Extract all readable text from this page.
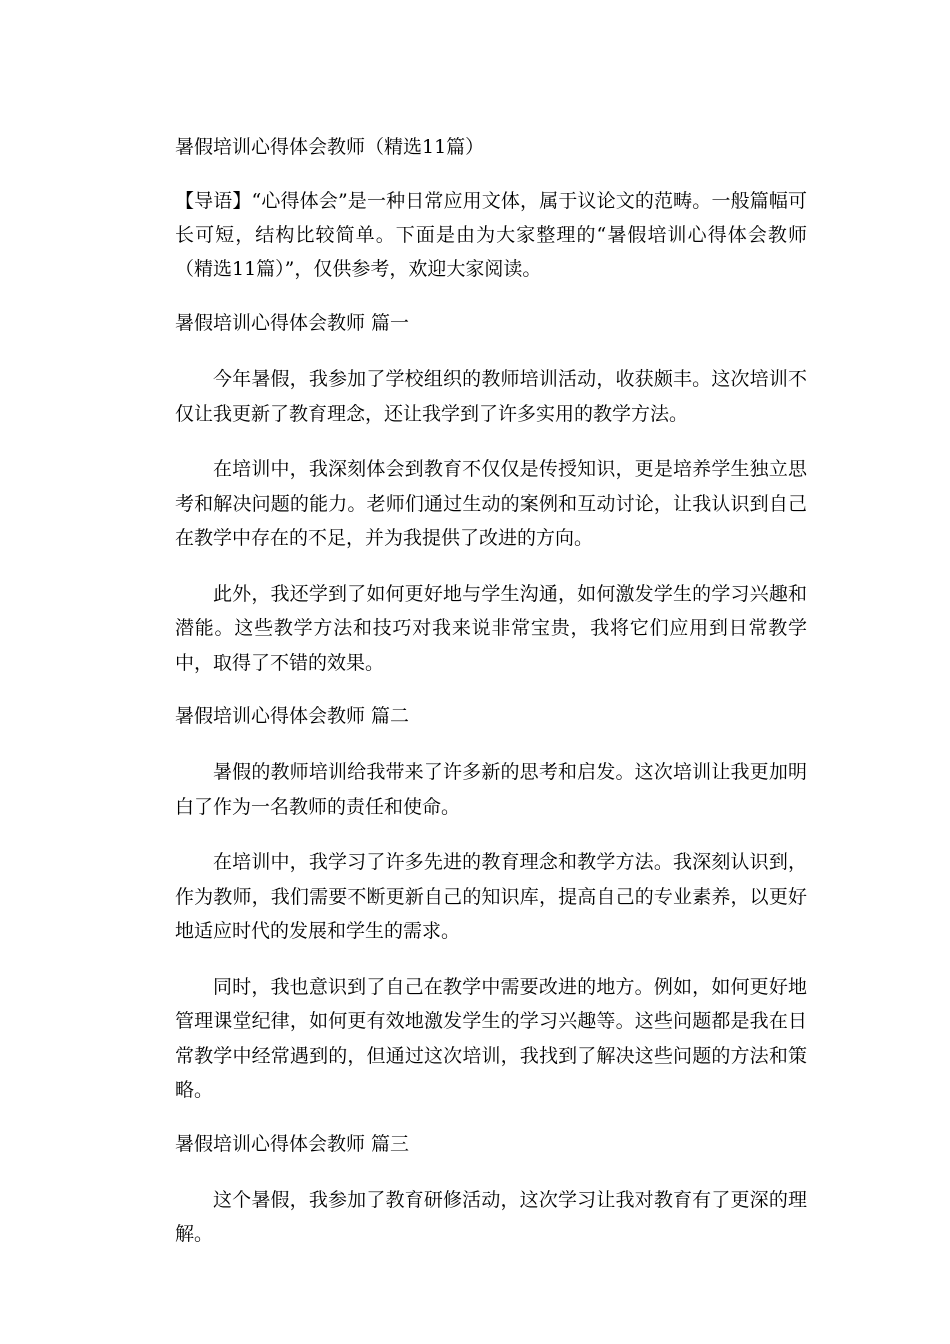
暑假培训心得体会教师（精选11篇）
【导语】“心得体会”是一种日常应用文体，属于议论文的范畴。一般篇幅可长可短，结构比较简单。下面是由为大家整理的“暑假培训心得体会教师（精选11篇）”，仅供参考，欢迎大家阅读。
暑假培训心得体会教师 篇一
今年暑假，我参加了学校组织的教师培训活动，收获颇丰。这次培训不仅让我更新了教育理念，还让我学到了许多实用的教学方法。
在培训中，我深刻体会到教育不仅仅是传授知识，更是培养学生独立思考和解决问题的能力。老师们通过生动的案例和互动讨论，让我认识到自己在教学中存在的不足，并为我提供了改进的方向。
此外，我还学到了如何更好地与学生沟通，如何激发学生的学习兴趣和潜能。这些教学方法和技巧对我来说非常宝贵，我将它们应用到日常教学中，取得了不错的效果。
暑假培训心得体会教师 篇二
暑假的教师培训给我带来了许多新的思考和启发。这次培训让我更加明白了作为一名教师的责任和使命。
在培训中，我学习了许多先进的教育理念和教学方法。我深刻认识到，作为教师，我们需要不断更新自己的知识库，提高自己的专业素养，以更好地适应时代的发展和学生的需求。
同时，我也意识到了自己在教学中需要改进的地方。例如，如何更好地管理课堂纪律，如何更有效地激发学生的学习兴趣等。这些问题都是我在日常教学中经常遇到的，但通过这次培训，我找到了解决这些问题的方法和策略。
暑假培训心得体会教师 篇三
这个暑假，我参加了教育研修活动，这次学习让我对教育有了更深的理解。
